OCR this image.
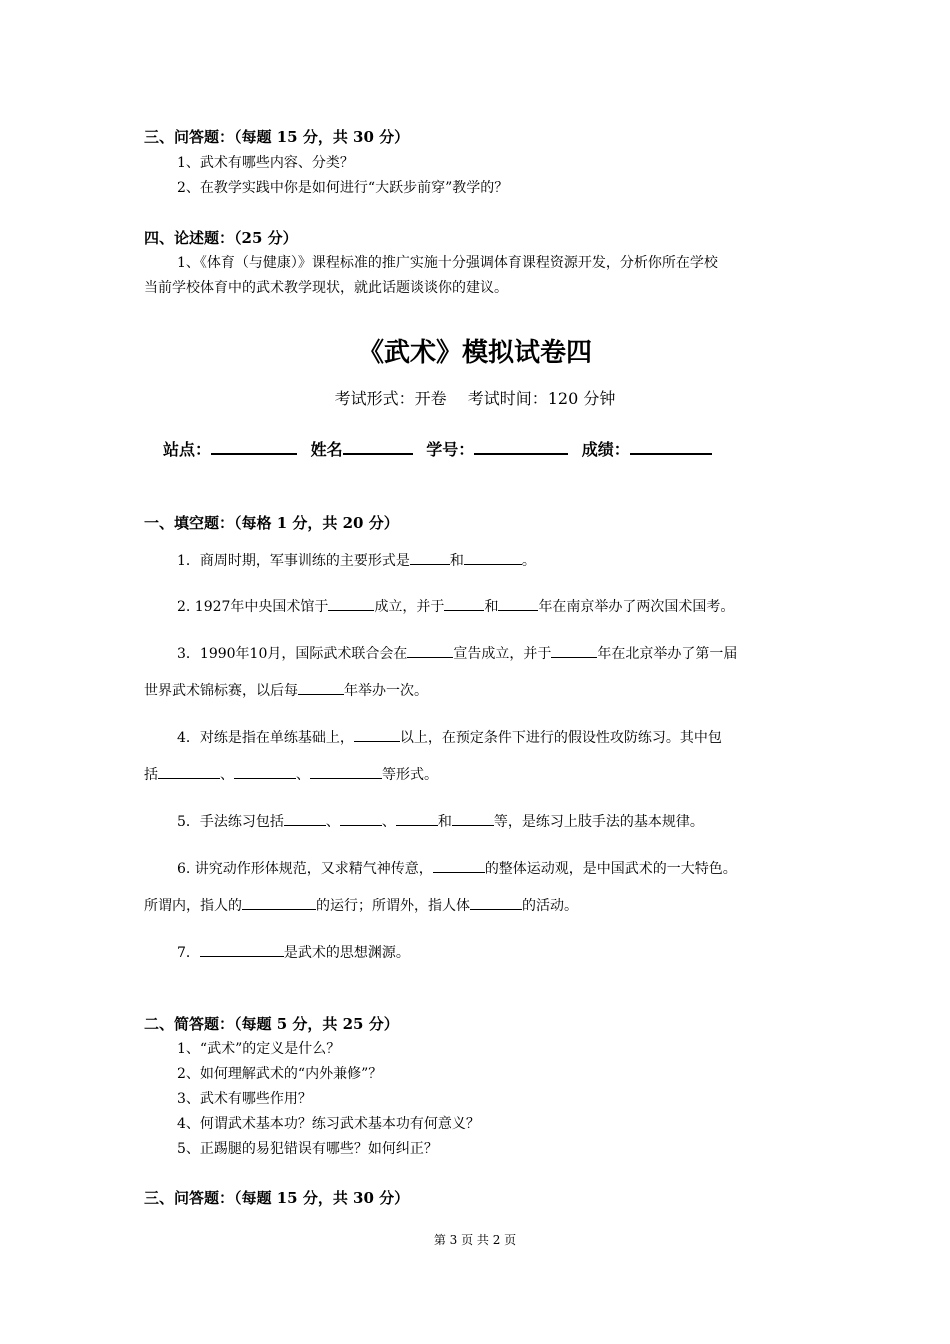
三、问答题：（每题 15 分，共 30 分）
1、武术有哪些内容、分类？
2、在教学实践中你是如何进行“大跃步前穿”教学的？
四、论述题：（25 分）
1、《体育（与健康）》课程标准的推广实施十分强调体育课程资源开发，分析你所在学校
当前学校体育中的武术教学现状，就此话题谈谈你的建议。
《武术》模拟试卷四
考试形式：开卷　 考试时间：120 分钟
站点：	姓名	学号：	成绩：
一、填空题：（每格 1 分，共 20 分）
1．商周时期，军事训练的主要形式是	和	。
2. 1927年中央国术馆于	成立，并于	和	年在南京举办了两次国术国考。
3．1990年10月，国际武术联合会在	宣告成立，并于	年在北京举办了第一届
世界武术锦标赛，以后每	年举办一次。
4．对练是指在单练基础上，	以上，在预定条件下进行的假设性攻防练习。其中包
括	、	、	等形式。
5．手法练习包括	、	、	和	等，是练习上肢手法的基本规律。
6. 讲究动作形体规范，又求精气神传意，	的整体运动观，是中国武术的一大特色。
所谓内，指人的	的运行；所谓外，指人体	的活动。
7．	是武术的思想渊源。
二、简答题：（每题 5 分，共 25 分）
1、“武术”的定义是什么？
2、如何理解武术的“内外兼修”？
3、武术有哪些作用？
4、何谓武术基本功？练习武术基本功有何意义？
5、正踢腿的易犯错误有哪些？如何纠正？
三、问答题：（每题 15 分，共 30 分）
第 3 页 共 2 页
